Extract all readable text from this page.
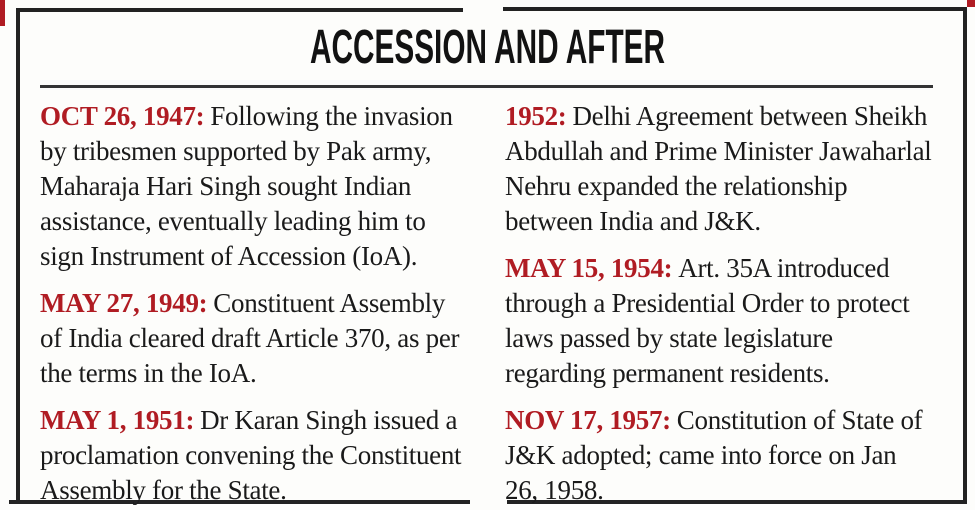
ACCESSION AND AFTER

OCT 26, 1947: Following the invasion by tribesmen supported by Pak army, Maharaja Hari Singh sought Indian assistance, eventually leading him to sign Instrument of Accession (IoA).

MAY 27, 1949: Constituent Assembly of India cleared draft Article 370, as per the terms in the IoA.

MAY 1, 1951: Dr Karan Singh issued a proclamation convening the Constituent Assembly for the State.

1952: Delhi Agreement between Sheikh Abdullah and Prime Minister Jawaharlal Nehru expanded the relationship between India and J&K.

MAY 15, 1954: Art. 35A introduced through a Presidential Order to protect laws passed by state legislature regarding permanent residents.

NOV 17, 1957: Constitution of State of J&K adopted; came into force on Jan 26, 1958.
